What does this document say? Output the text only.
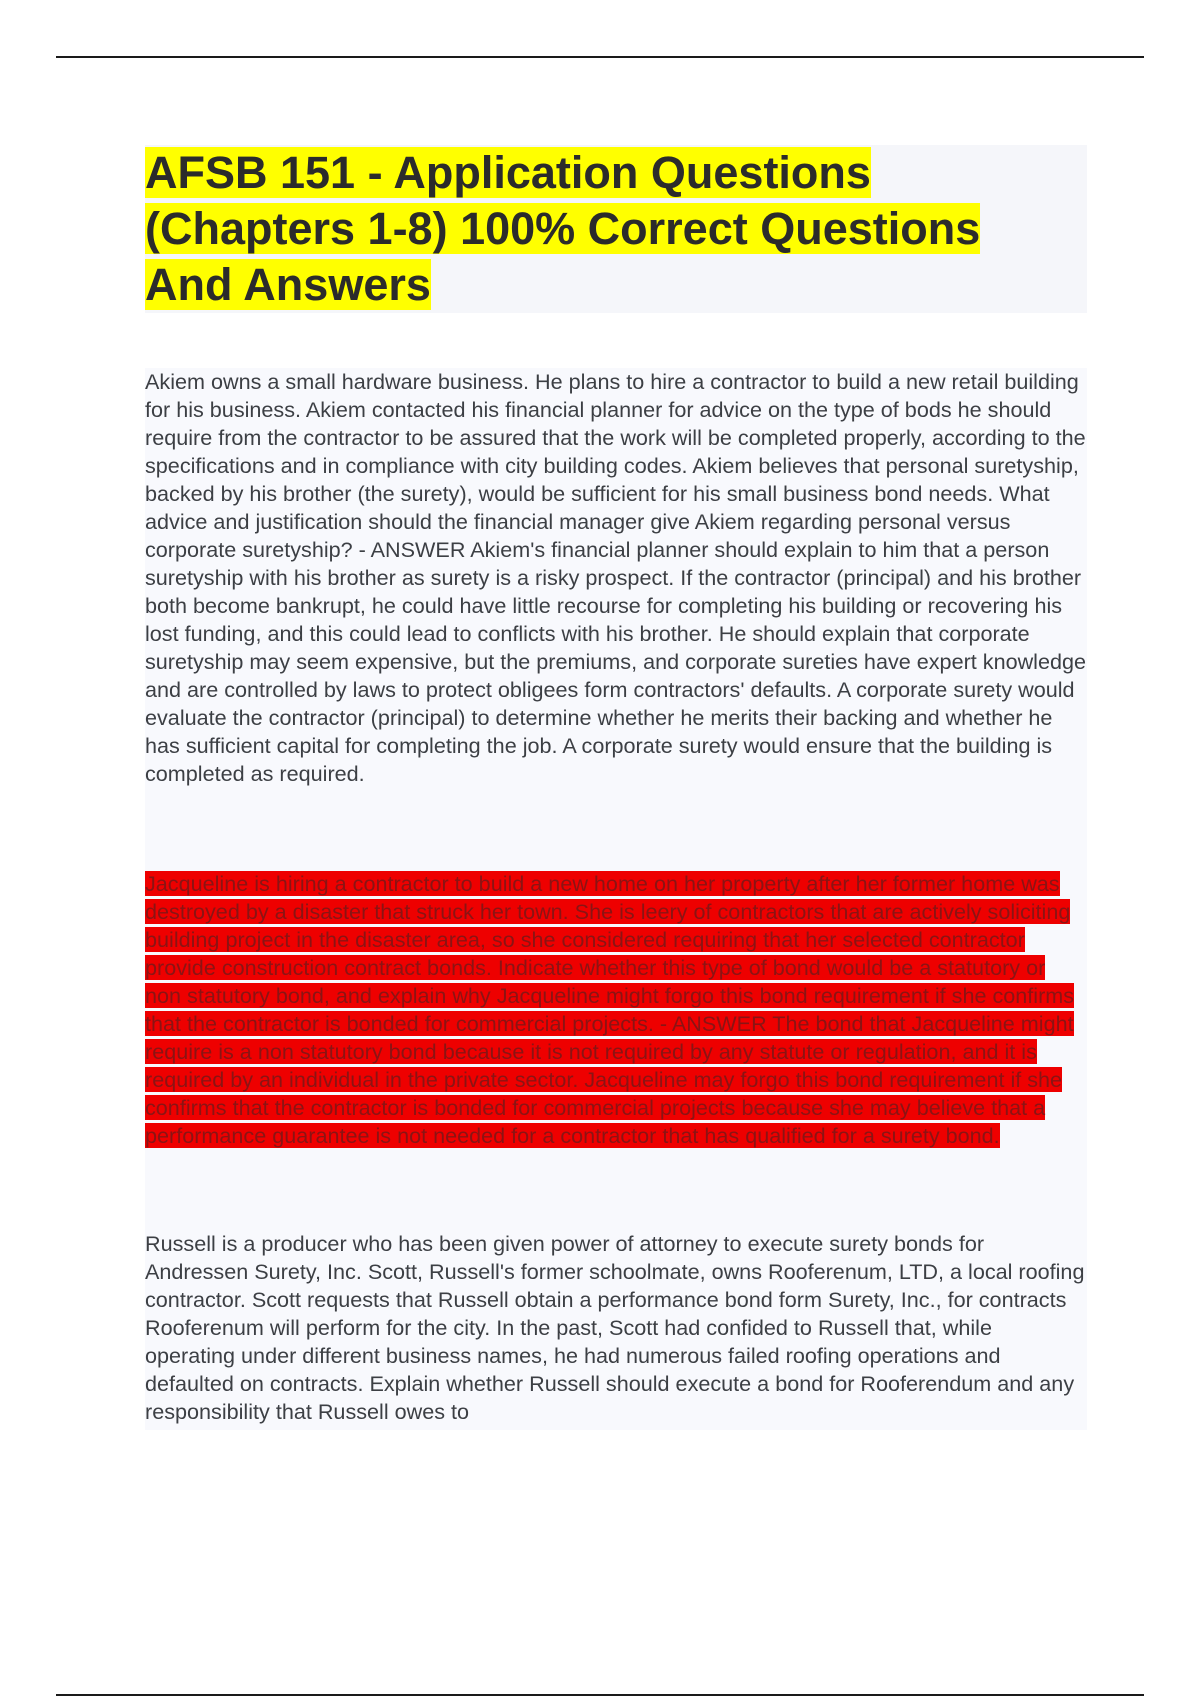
AFSB 151 - Application Questions
(Chapters 1-8) 100% Correct Questions
And Answers

Akiem owns a small hardware business. He plans to hire a contractor to build a new retail building for his business. Akiem contacted his financial planner for advice on the type of bods he should require from the contractor to be assured that the work will be completed properly, according to the specifications and in compliance with city building codes. Akiem believes that personal suretyship, backed by his brother (the surety), would be sufficient for his small business bond needs. What advice and justification should the financial manager give Akiem regarding personal versus corporate suretyship? - ANSWER Akiem's financial planner should explain to him that a person suretyship with his brother as surety is a risky prospect. If the contractor (principal) and his brother both become bankrupt, he could have little recourse for completing his building or recovering his lost funding, and this could lead to conflicts with his brother. He should explain that corporate suretyship may seem expensive, but the premiums, and corporate sureties have expert knowledge and are controlled by laws to protect obligees form contractors' defaults. A corporate surety would evaluate the contractor (principal) to determine whether he merits their backing and whether he has sufficient capital for completing the job. A corporate surety would ensure that the building is completed as required.

Jacqueline is hiring a contractor to build a new home on her property after her former home was destroyed by a disaster that struck her town. She is leery of contractors that are actively soliciting building project in the disaster area, so she considered requiring that her selected contractor provide construction contract bonds. Indicate whether this type of bond would be a statutory or non statutory bond, and explain why Jacqueline might forgo this bond requirement if she confirms that the contractor is bonded for commercial projects. - ANSWER The bond that Jacqueline might require is a non statutory bond because it is not required by any statute or regulation, and it is required by an individual in the private sector. Jacqueline may forgo this bond requirement if she confirms that the contractor is bonded for commercial projects because she may believe that a performance guarantee is not needed for a contractor that has qualified for a surety bond.

Russell is a producer who has been given power of attorney to execute surety bonds for Andressen Surety, Inc. Scott, Russell's former schoolmate, owns Rooferenum, LTD, a local roofing contractor. Scott requests that Russell obtain a performance bond form Surety, Inc., for contracts Rooferenum will perform for the city. In the past, Scott had confided to Russell that, while operating under different business names, he had numerous failed roofing operations and defaulted on contracts. Explain whether Russell should execute a bond for Rooferendum and any responsibility that Russell owes to
